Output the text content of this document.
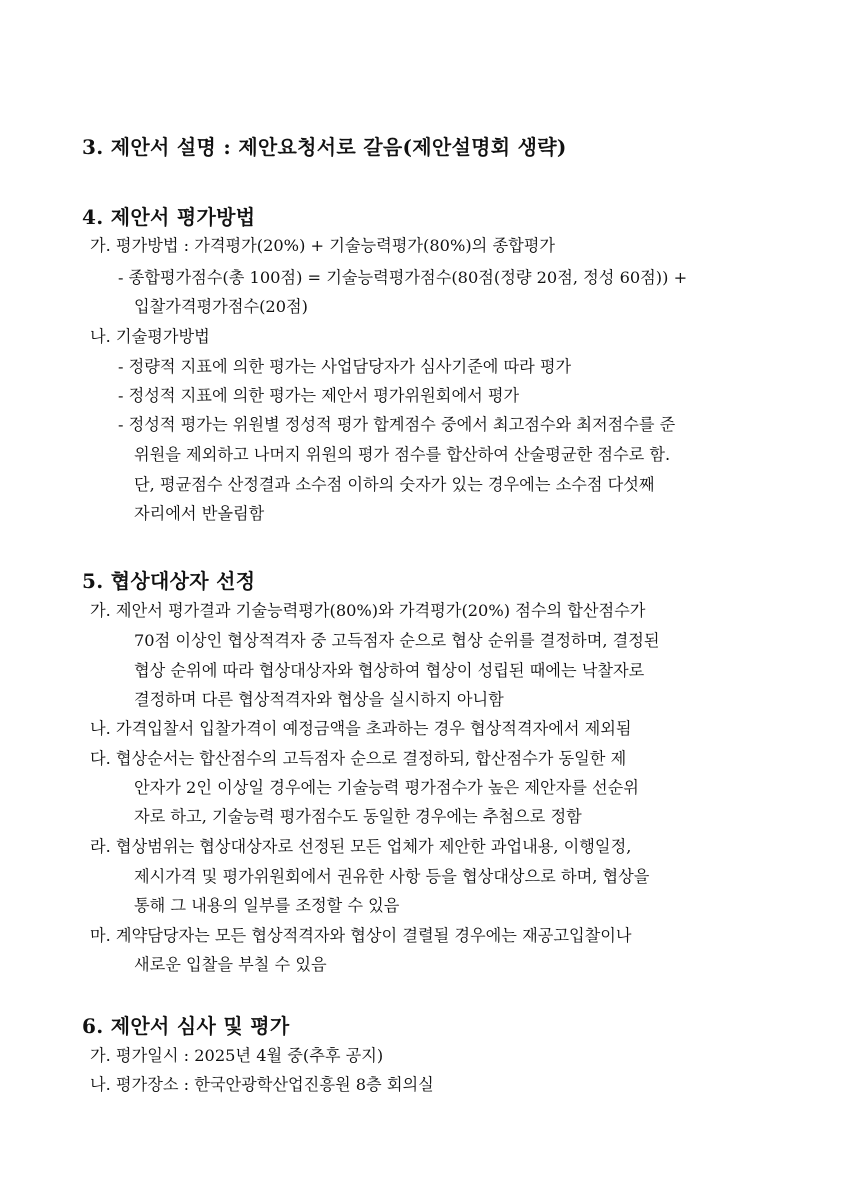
3. 제안서 설명 : 제안요청서로 갈음(제안설명회 생략)
4. 제안서 평가방법

가. 평가방법 : 가격평가(20%) + 기술능력평가(80%)의 종합평가

- 종합평가점수(총 100점) = 기술능력평가점수(80점(정량 20점, 정성 60점)) +

입찰가격평가점수(20점)

나. 기술평가방법

- 정량적 지표에 의한 평가는 사업담당자가 심사기준에 따라 평가

- 정성적 지표에 의한 평가는 제안서 평가위원회에서 평가

- 정성적 평가는 위원별 정성적 평가 합계점수 중에서 최고점수와 최저점수를 준

위원을 제외하고 나머지 위원의 평가 점수를 합산하여 산술평균한 점수로 함.

단, 평균점수 산정결과 소수점 이하의 숫자가 있는 경우에는 소수점 다섯째

자리에서 반올림함

5. 협상대상자 선정

가. 제안서 평가결과 기술능력평가(80%)와 가격평가(20%) 점수의 합산점수가

70점 이상인 협상적격자 중 고득점자 순으로 협상 순위를 결정하며, 결정된

협상 순위에 따라 협상대상자와 협상하여 협상이 성립된 때에는 낙찰자로

결정하며 다른 협상적격자와 협상을 실시하지 아니함

나. 가격입찰서 입찰가격이 예정금액을 초과하는 경우 협상적격자에서 제외됨

다. 협상순서는 합산점수의 고득점자 순으로 결정하되, 합산점수가 동일한 제

안자가 2인 이상일 경우에는 기술능력 평가점수가 높은 제안자를 선순위

자로 하고, 기술능력 평가점수도 동일한 경우에는 추첨으로 정함

라. 협상범위는 협상대상자로 선정된 모든 업체가 제안한 과업내용, 이행일정,

제시가격 및 평가위원회에서 권유한 사항 등을 협상대상으로 하며, 협상을

통해 그 내용의 일부를 조정할 수 있음

마. 계약담당자는 모든 협상적격자와 협상이 결렬될 경우에는 재공고입찰이나

새로운 입찰을 부칠 수 있음

6. 제안서 심사 및 평가

가. 평가일시 : 2025년 4월 중(추후 공지)

나. 평가장소 : 한국안광학산업진흥원 8층 회의실
